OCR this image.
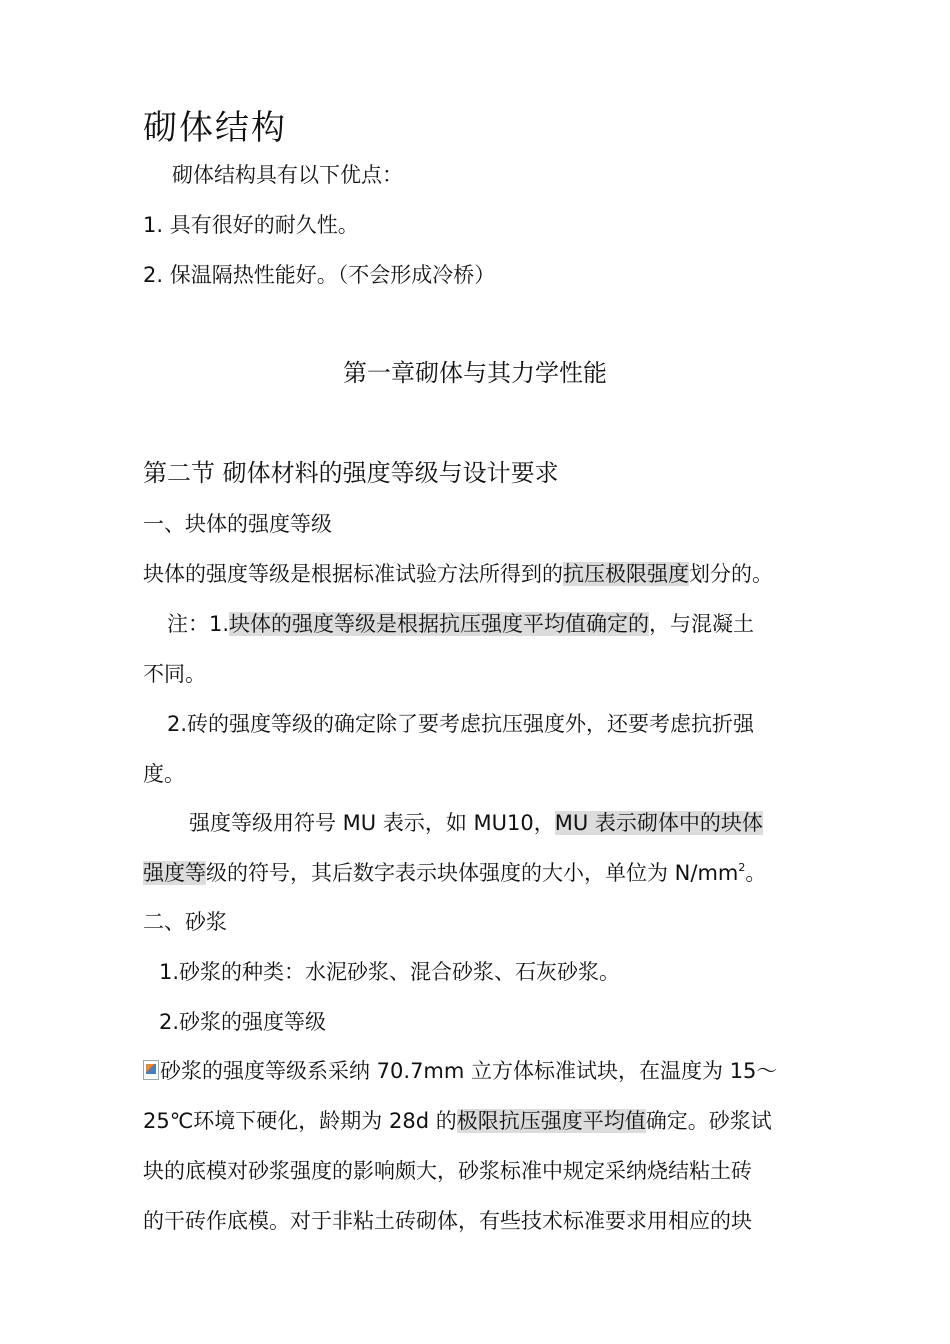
砌体结构
砌体结构具有以下优点：
1. 具有很好的耐久性。
2. 保温隔热性能好。（不会形成冷桥）
第一章砌体与其力学性能
第二节 砌体材料的强度等级与设计要求
一、块体的强度等级
块体的强度等级是根据标准试验方法所得到的抗压极限强度划分的。
注：1.块体的强度等级是根据抗压强度平均值确定的，与混凝土
不同。
2.砖的强度等级的确定除了要考虑抗压强度外，还要考虑抗折强
度。
强度等级用符号 MU 表示，如 MU10，MU 表示砌体中的块体
强度等级的符号，其后数字表示块体强度的大小，单位为 $N/mm^2$。
二、砂浆
1.砂浆的种类：水泥砂浆、混合砂浆、石灰砂浆。
2.砂浆的强度等级
砂浆的强度等级系采纳 70.7mm 立方体标准试块，在温度为 15～
25℃环境下硬化，龄期为 28d 的极限抗压强度平均值确定。砂浆试
块的底模对砂浆强度的影响颇大，砂浆标准中规定采纳烧结粘土砖
的干砖作底模。对于非粘土砖砌体，有些技术标准要求用相应的块
